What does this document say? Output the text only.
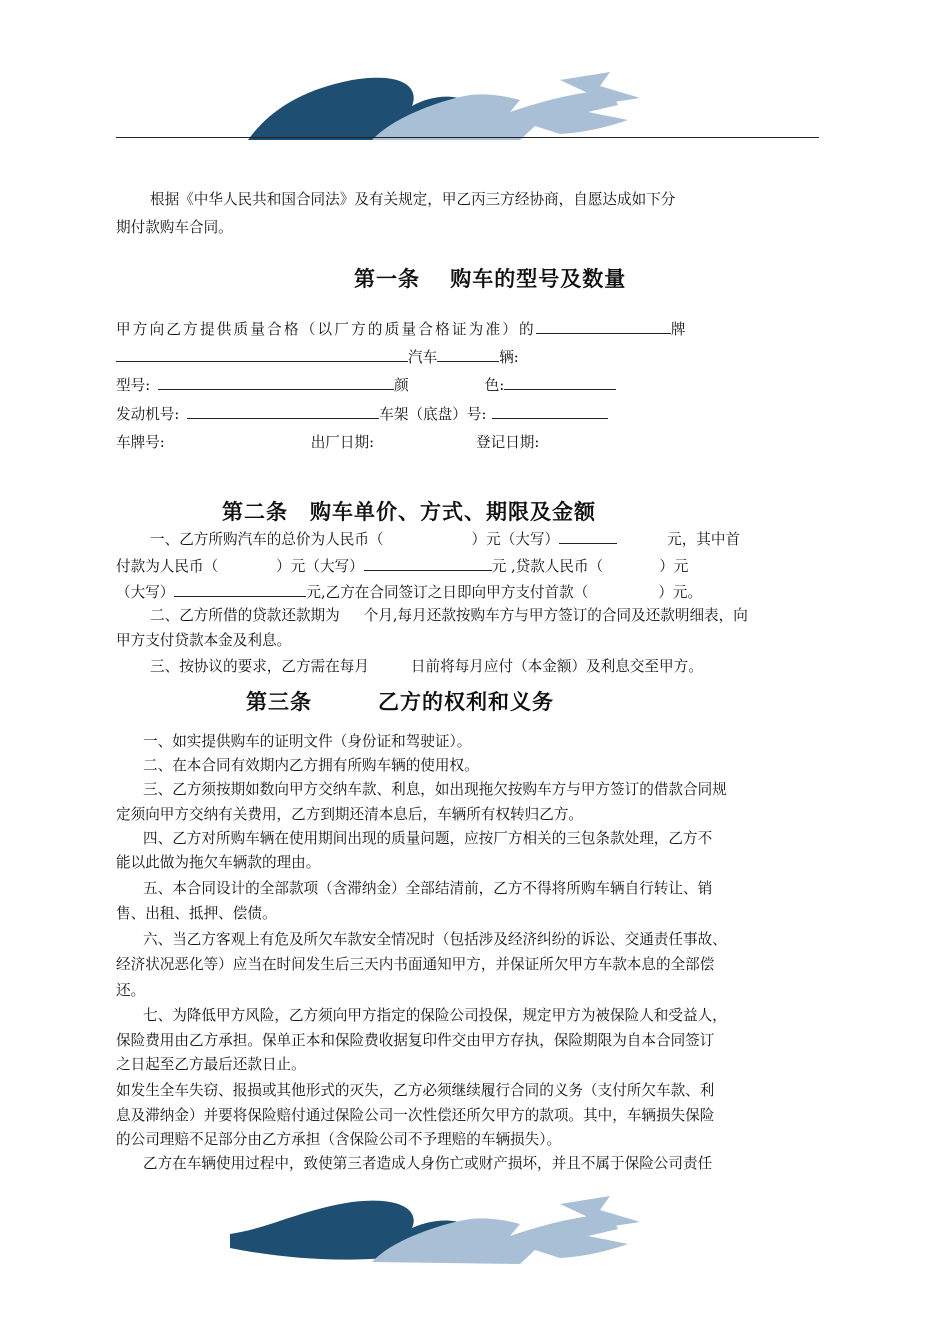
根据《中华人民共和国合同法》及有关规定，甲乙丙三方经协商，自愿达成如下分
期付款购车合同。
第一条　 购车的型号及数量
甲方向乙方提供质量合格（以厂方的质量合格证为准）的	牌
汽车	辆:
型号:	颜	色:
发动机号:	车架（底盘）号:
车牌号:	出厂日期:	登记日期:
第二条　购车单价、方式、期限及金额
一、乙方所购汽车的总价为人民币（	）元（大写）	元，其中首
付款为人民币（	）元（大写）	元 ,贷款人民币（	）元
（大写）	元,乙方在合同签订之日即向甲方支付首款（	）元。
二、乙方所借的贷款还款期为 个月,每月还款按购车方与甲方签订的合同及还款明细表，向
甲方支付贷款本金及利息。
三、按协议的要求，乙方需在每月	日前将每月应付（本金额）及利息交至甲方。
第三条　　　乙方的权利和义务
一、如实提供购车的证明文件（身份证和驾驶证）。
二、在本合同有效期内乙方拥有所购车辆的使用权。
三、乙方须按期如数向甲方交纳车款、利息，如出现拖欠按购车方与甲方签订的借款合同规
定须向甲方交纳有关费用，乙方到期还清本息后，车辆所有权转归乙方。
四、乙方对所购车辆在使用期间出现的质量问题，应按厂方相关的三包条款处理，乙方不
能以此做为拖欠车辆款的理由。
五、本合同设计的全部款项（含滞纳金）全部结清前，乙方不得将所购车辆自行转让、销
售、出租、抵押、偿债。
六、当乙方客观上有危及所欠车款安全情况时（包括涉及经济纠纷的诉讼、交通责任事故、
经济状况恶化等）应当在时间发生后三天内书面通知甲方，并保证所欠甲方车款本息的全部偿
还。
七、为降低甲方风险，乙方须向甲方指定的保险公司投保，规定甲方为被保险人和受益人，
保险费用由乙方承担。保单正本和保险费收据复印件交由甲方存执，保险期限为自本合同签订
之日起至乙方最后还款日止。
如发生全车失窃、报损或其他形式的灭失，乙方必须继续履行合同的义务（支付所欠车款、利
息及滞纳金）并要将保险赔付通过保险公司一次性偿还所欠甲方的款项。其中，车辆损失保险
的公司理赔不足部分由乙方承担（含保险公司不予理赔的车辆损失）。
乙方在车辆使用过程中，致使第三者造成人身伤亡或财产损坏，并且不属于保险公司责任
